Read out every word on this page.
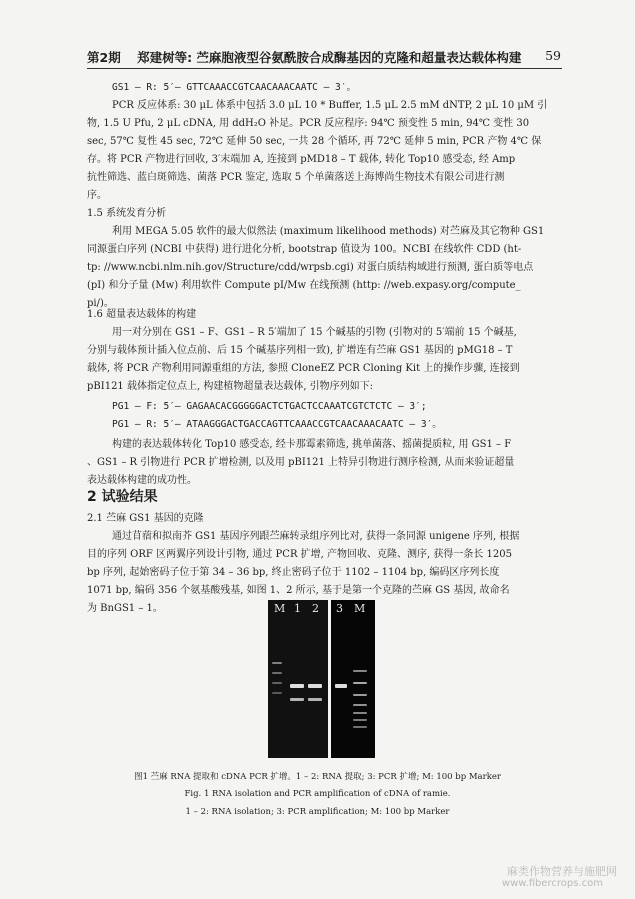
第2期 郑建树等: 苎麻胞液型谷氨酰胺合成酶基因的克隆和超量表达载体构建 59
GS1 – R: 5′– GTTCAAACCGTCAACAAACAATC – 3′。
PCR 反应体系: 30 μL 体系中包括 3.0 μL 10 * Buffer, 1.5 μL 2.5 mM dNTP, 2 μL 10 μM 引
物, 1.5 U Pfu, 2 μL cDNA, 用 ddH₂O 补足。PCR 反应程序: 94℃ 预变性 5 min, 94℃ 变性 30
sec, 57℃ 复性 45 sec, 72℃ 延伸 50 sec, 一共 28 个循环, 再 72℃ 延伸 5 min, PCR 产物 4℃ 保
存。将 PCR 产物进行回收, 3′末端加 A, 连接到 pMD18 – T 载体, 转化 Top10 感受态, 经 Amp
抗性筛选、蓝白斑筛选、菌落 PCR 鉴定, 选取 5 个单菌落送上海博尚生物技术有限公司进行测
序。
1.5 系统发育分析
利用 MEGA 5.05 软件的最大似然法 (maximum likelihood methods) 对苎麻及其它物种 GS1
同源蛋白序列 (NCBI 中获得) 进行进化分析, bootstrap 值设为 100。NCBI 在线软件 CDD (ht-
tp: //www.ncbi.nlm.nih.gov/Structure/cdd/wrpsb.cgi) 对蛋白质结构域进行预测, 蛋白质等电点
(pI) 和分子量 (Mw) 利用软件 Compute pI/Mw 在线预测 (http: //web.expasy.org/compute_
pi/)。
1.6 超量表达载体的构建
用一对分别在 GS1 – F、GS1 – R 5′端加了 15 个碱基的引物 (引物对的 5′端前 15 个碱基,
分别与载体预计插入位点前、后 15 个碱基序列相一致), 扩增连有苎麻 GS1 基因的 pMG18 – T
载体, 将 PCR 产物利用同源重组的方法, 参照 CloneEZ PCR Cloning Kit 上的操作步骤, 连接到
pBI121 载体指定位点上, 构建植物超量表达载体, 引物序列如下:
PG1 – F: 5′– GAGAACACGGGGGACTCTGACTCCAAATCGTCTCTC – 3′;
PG1 – R: 5′– ATAAGGGACTGACCAGTTCAAACCGTCAACAAACAATC – 3′。
构建的表达载体转化 Top10 感受态, 经卡那霉素筛选, 挑单菌落、摇菌提质粒, 用 GS1 – F
、GS1 – R 引物进行 PCR 扩增检测, 以及用 pBI121 上特异引物进行测序检测, 从而来验证超量
表达载体构建的成功性。
2 试验结果
2.1 苎麻 GS1 基因的克隆
通过苜蓿和拟南芥 GS1 基因序列跟苎麻转录组序列比对, 获得一条同源 unigene 序列, 根据
目的序列 ORF 区两翼序列设计引物, 通过 PCR 扩增, 产物回收、克隆、测序, 获得一条长 1205
bp 序列, 起始密码子位于第 34 – 36 bp, 终止密码子位于 1102 – 1104 bp, 编码区序列长度
1071 bp, 编码 356 个氨基酸残基, 如图 1、2 所示, 基于是第一个克隆的苎麻 GS 基因, 故命名
为 BnGS1 – 1。	M 1 2 3 M
图1 苎麻 RNA 提取和 cDNA PCR 扩增。1 – 2: RNA 提取; 3: PCR 扩增; M: 100 bp Marker
Fig. 1 RNA isolation and PCR amplification of cDNA of ramie.
1 – 2: RNA isolation; 3: PCR amplification; M: 100 bp Marker
麻类作物营养与施肥网
www.fibercrops.com
